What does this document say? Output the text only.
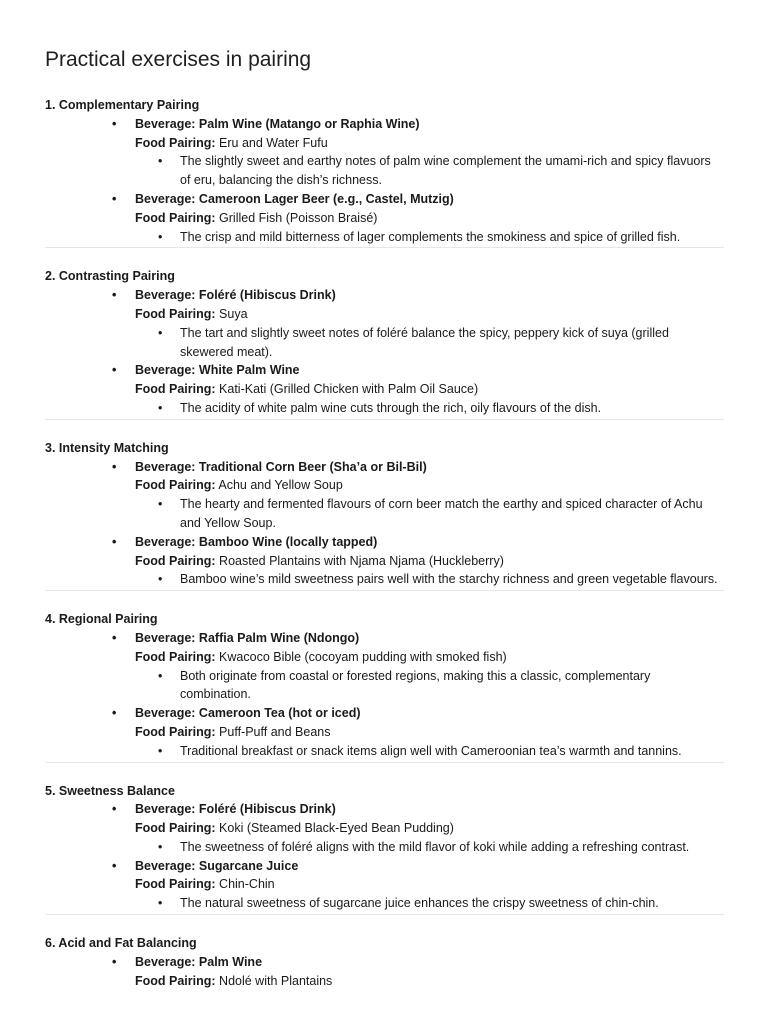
Practical exercises in pairing
1. Complementary Pairing
• Beverage: Palm Wine (Matango or Raphia Wine)
Food Pairing: Eru and Water Fufu
• The slightly sweet and earthy notes of palm wine complement the umami-rich and spicy flavuors of eru, balancing the dish’s richness.
• Beverage: Cameroon Lager Beer (e.g., Castel, Mutzig)
Food Pairing: Grilled Fish (Poisson Braisé)
• The crisp and mild bitterness of lager complements the smokiness and spice of grilled fish.
2. Contrasting Pairing
• Beverage: Foléré (Hibiscus Drink)
Food Pairing: Suya
• The tart and slightly sweet notes of foléré balance the spicy, peppery kick of suya (grilled skewered meat).
• Beverage: White Palm Wine
Food Pairing: Kati-Kati (Grilled Chicken with Palm Oil Sauce)
• The acidity of white palm wine cuts through the rich, oily flavours of the dish.
3. Intensity Matching
• Beverage: Traditional Corn Beer (Sha’a or Bil-Bil)
Food Pairing: Achu and Yellow Soup
• The hearty and fermented flavours of corn beer match the earthy and spiced character of Achu and Yellow Soup.
• Beverage: Bamboo Wine (locally tapped)
Food Pairing: Roasted Plantains with Njama Njama (Huckleberry)
• Bamboo wine’s mild sweetness pairs well with the starchy richness and green vegetable flavours.
4. Regional Pairing
• Beverage: Raffia Palm Wine (Ndongo)
Food Pairing: Kwacoco Bible (cocoyam pudding with smoked fish)
• Both originate from coastal or forested regions, making this a classic, complementary combination.
• Beverage: Cameroon Tea (hot or iced)
Food Pairing: Puff-Puff and Beans
• Traditional breakfast or snack items align well with Cameroonian tea’s warmth and tannins.
5. Sweetness Balance
• Beverage: Foléré (Hibiscus Drink)
Food Pairing: Koki (Steamed Black-Eyed Bean Pudding)
• The sweetness of foléré aligns with the mild flavor of koki while adding a refreshing contrast.
• Beverage: Sugarcane Juice
Food Pairing: Chin-Chin
• The natural sweetness of sugarcane juice enhances the crispy sweetness of chin-chin.
6. Acid and Fat Balancing
• Beverage: Palm Wine
Food Pairing: Ndolé with Plantains
